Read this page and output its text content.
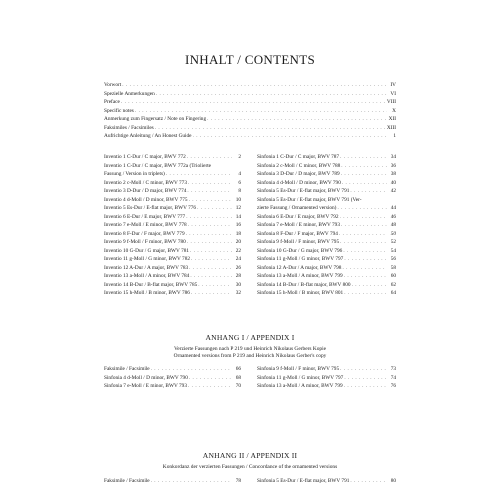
INHALT / CONTENTS
Vorwort . . .	IV
Spezielle Anmerkungen . . .	VI
Preface . . .	VIII
Specific notes . . .	X
Anmerkung zum Fingersatz / Note on Fingering . . .	XII
Faksimiles / Facsimiles . . .	XIII
Aufrichtige Anleitung / An Honest Guide . . .	1
Inventio 1 C-Dur / C major, BWV 772 . . .	2
Inventio 1 C-Dur / C major, BWV 772a (Triolierte
Fassung / Version in triplets) . . .	4
Inventio 2 c-Moll / C minor, BWV 773 . . .	6
Inventio 3 D-Dur / D major, BWV 774 . . .	8
Inventio 4 d-Moll / D minor, BWV 775 . . .	10
Inventio 5 Es-Dur / E-flat major, BWV 776 . . .	12
Inventio 6 E-Dur / E major, BWV 777 . . .	14
Inventio 7 e-Moll / E minor, BWV 778 . . .	16
Inventio 8 F-Dur / F major, BWV 779 . . .	18
Inventio 9 f-Moll / F minor, BWV 780 . . .	20
Inventio 10 G-Dur / G major, BWV 781 . . .	22
Inventio 11 g-Moll / G minor, BWV 782 . . .	24
Inventio 12 A-Dur / A major, BWV 783 . . .	26
Inventio 13 a-Moll / A minor, BWV 784 . . .	28
Inventio 14 B-Dur / B-flat major, BWV 785 . . .	30
Inventio 15 h-Moll / B minor, BWV 786 . . .	32
Sinfonia 1 C-Dur / C major, BWV 787 . . .	34
Sinfonia 2 c-Moll / C minor, BWV 788 . . .	36
Sinfonia 3 D-Dur / D major, BWV 789 . . .	38
Sinfonia 4 d-Moll / D minor, BWV 790 . . .	40
Sinfonia 5 Es-Dur / E-flat major, BWV 791 . . .	42
Sinfonia 5 Es-Dur / E-flat major, BWV 791 (Ver-
zierte Fassung / Ornamented version) . . .	44
Sinfonia 6 E-Dur / E major, BWV 792 . . .	46
Sinfonia 7 e-Moll / E minor, BWV 793 . . .	48
Sinfonia 8 F-Dur / F major, BWV 794 . . .	50
Sinfonia 9 f-Moll / F minor, BWV 795 . . .	52
Sinfonia 10 G-Dur / G major, BWV 796 . . .	54
Sinfonia 11 g-Moll / G minor, BWV 797 . . .	56
Sinfonia 12 A-Dur / A major, BWV 798 . . .	58
Sinfonia 13 a-Moll / A minor, BWV 799 . . .	60
Sinfonia 14 B-Dur / B-flat major, BWV 800 . . .	62
Sinfonia 15 h-Moll / B minor, BWV 801 . . .	64
ANHANG I / APPENDIX I
Verzierte Fassungen nach P 219 und Heinrich Nikolaus Gerbers Kopie
Ornamented versions from P 219 and Heinrich Nikolaus Gerber's copy
Faksimile / Facsimile . . .	66
Sinfonia 4 d-Moll / D minor, BWV 790 . . .	68
Sinfonia 7 e-Moll / E minor, BWV 793 . . .	70
Sinfonia 9 f-Moll / F minor, BWV 795 . . .	73
Sinfonia 11 g-Moll / G minor, BWV 797 . . .	74
Sinfonia 13 a-Moll / A minor, BWV 799 . . .	76
ANHANG II / APPENDIX II
Konkordanz der verzierten Fassungen / Concordance of the ornamented versions
Faksimile / Facsimile . . .	78	Sinfonia 5 Es-Dur / E-flat major, BWV 791 . . .	80
